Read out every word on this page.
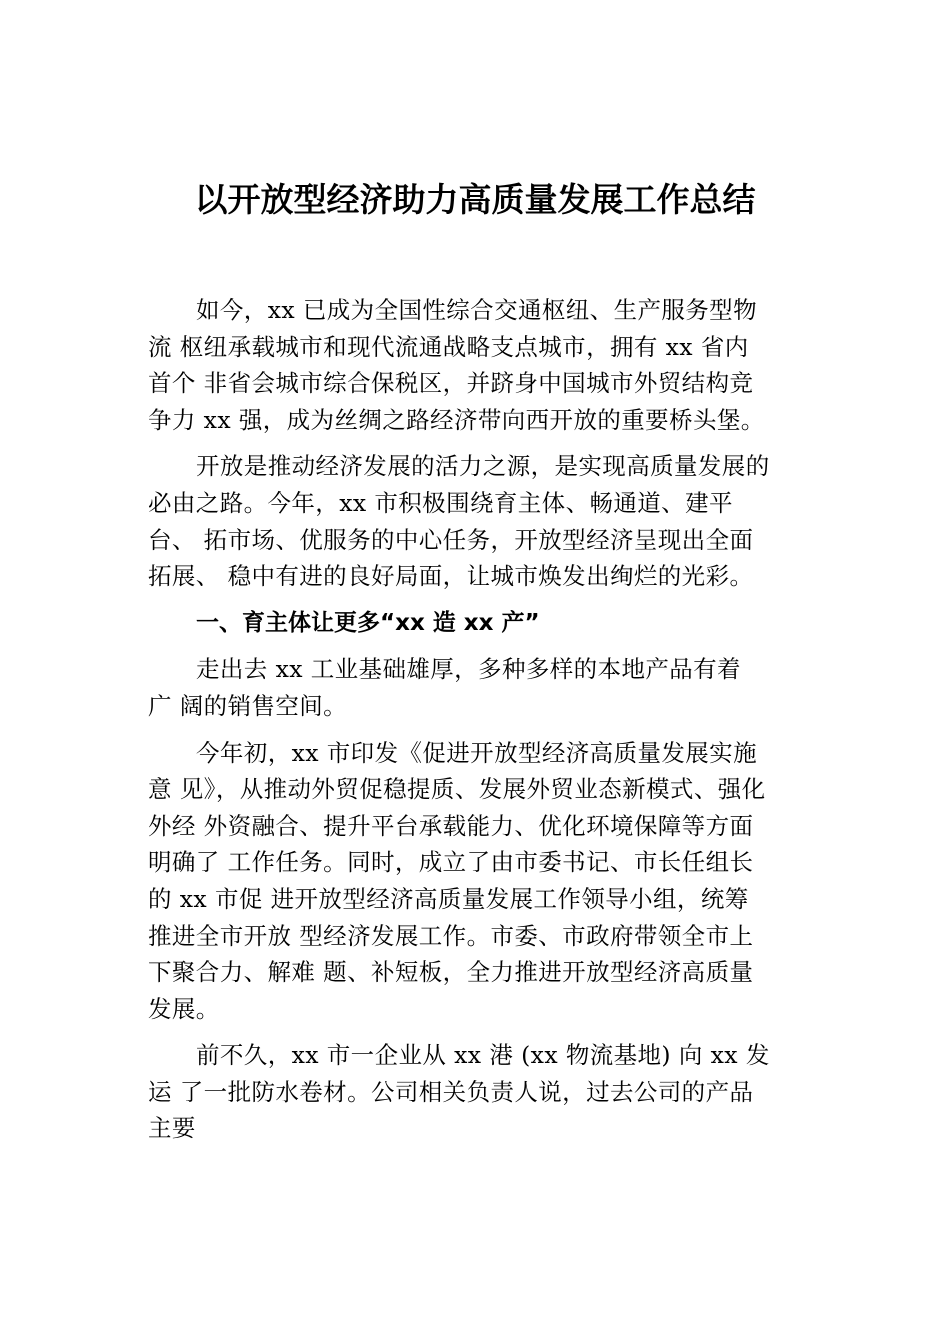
以开放型经济助力高质量发展工作总结

如今，xx 已成为全国性综合交通枢纽、生产服务型物
流 枢纽承载城市和现代流通战略支点城市，拥有 xx 省内
首个 非省会城市综合保税区，并跻身中国城市外贸结构竞
争力 xx 强，成为丝绸之路经济带向西开放的重要桥头堡。

开放是推动经济发展的活力之源，是实现高质量发展的
必由之路。今年，xx 市积极围绕育主体、畅通道、建平
台、 拓市场、优服务的中心任务，开放型经济呈现出全面
拓展、 稳中有进的良好局面，让城市焕发出绚烂的光彩。

一、育主体让更多“xx 造 xx 产”

走出去 xx 工业基础雄厚，多种多样的本地产品有着
广 阔的销售空间。

今年初，xx 市印发《促进开放型经济高质量发展实施
意 见》，从推动外贸促稳提质、发展外贸业态新模式、强化
外经 外资融合、提升平台承载能力、优化环境保障等方面
明确了 工作任务。同时，成立了由市委书记、市长任组长
的 xx 市促 进开放型经济高质量发展工作领导小组，统筹
推进全市开放 型经济发展工作。市委、市政府带领全市上
下聚合力、解难 题、补短板，全力推进开放型经济高质量
发展。

前不久，xx 市一企业从 xx 港 (xx 物流基地) 向 xx 发
运 了一批防水卷材。公司相关负责人说，过去公司的产品
主要
